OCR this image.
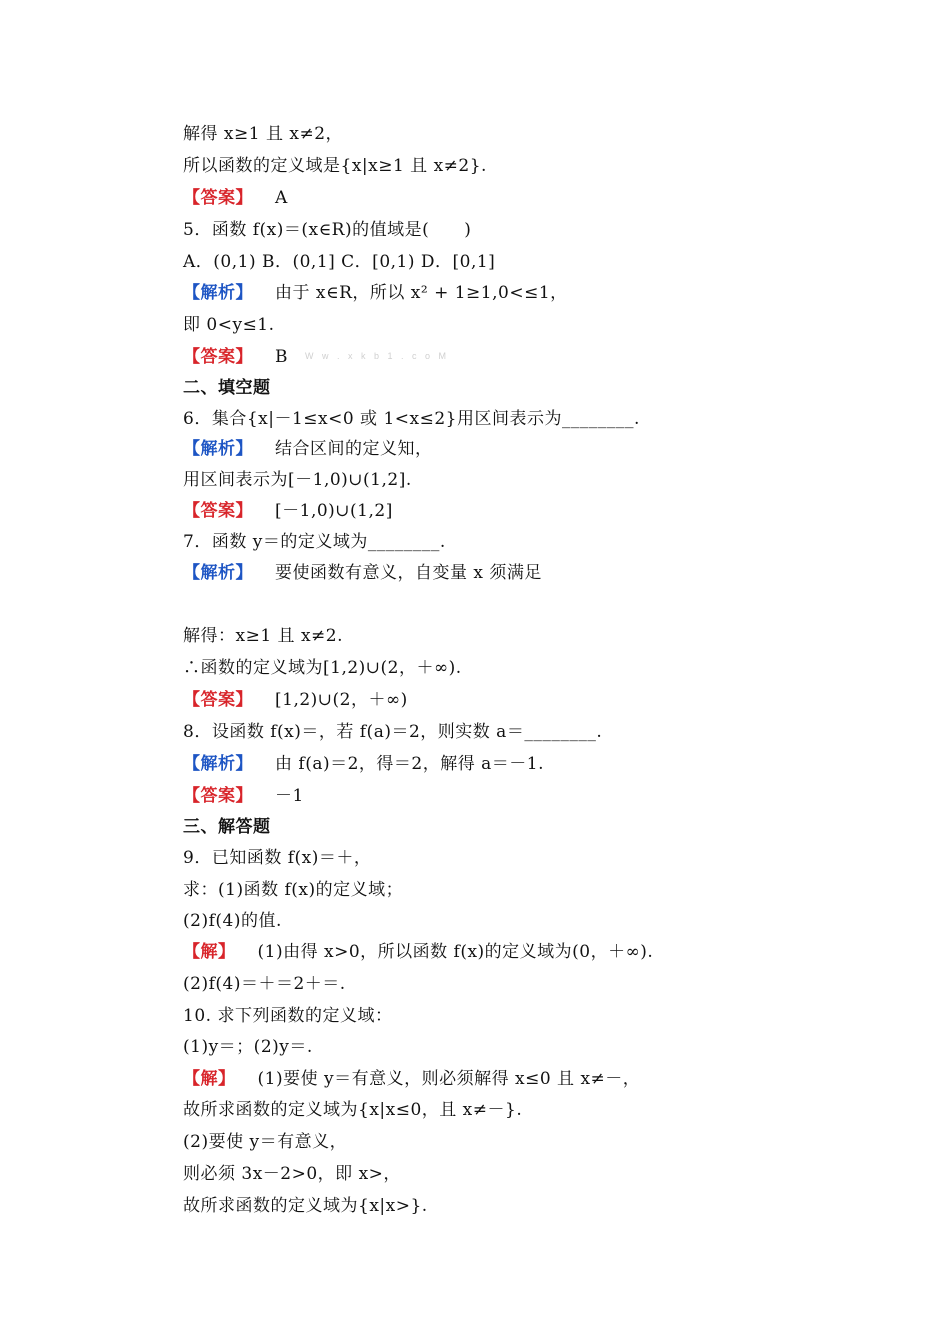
解得 x≥1 且 x≠2，
所以函数的定义域是{x|x≥1 且 x≠2}.
【答案】 A
5．函数 f(x)＝(x∈R)的值域是(　　)
A．(0,1) B．(0,1] C．[0,1) D．[0,1]
【解析】 由于 x∈R，所以 x² + 1≥1,0<≤1，
即 0<y≤1.
【答案】 B
二、填空题
6．集合{x|－1≤x<0 或 1<x≤2}用区间表示为________.
【解析】 结合区间的定义知，
用区间表示为[－1,0)∪(1,2].
【答案】 [－1,0)∪(1,2]
7．函数 y＝的定义域为________.
【解析】 要使函数有意义，自变量 x 须满足
解得：x≥1 且 x≠2.
∴函数的定义域为[1,2)∪(2，＋∞).
【答案】 [1,2)∪(2，＋∞)
8．设函数 f(x)＝，若 f(a)＝2，则实数 a＝________.
【解析】 由 f(a)＝2，得＝2，解得 a＝－1.
【答案】 －1
三、解答题
9．已知函数 f(x)＝＋，
求：(1)函数 f(x)的定义域；
(2)f(4)的值.
【解】 (1)由得 x>0，所以函数 f(x)的定义域为(0，＋∞).
(2)f(4)＝＋＝2＋＝.
10. 求下列函数的定义域：
(1)y＝；(2)y＝.
【解】 (1)要使 y＝有意义，则必须解得 x≤0 且 x≠－，
故所求函数的定义域为{x|x≤0，且 x≠－}.
(2)要使 y＝有意义，
则必须 3x－2>0，即 x>，
故所求函数的定义域为{x|x>}.
W w . x k b 1 . c o M
